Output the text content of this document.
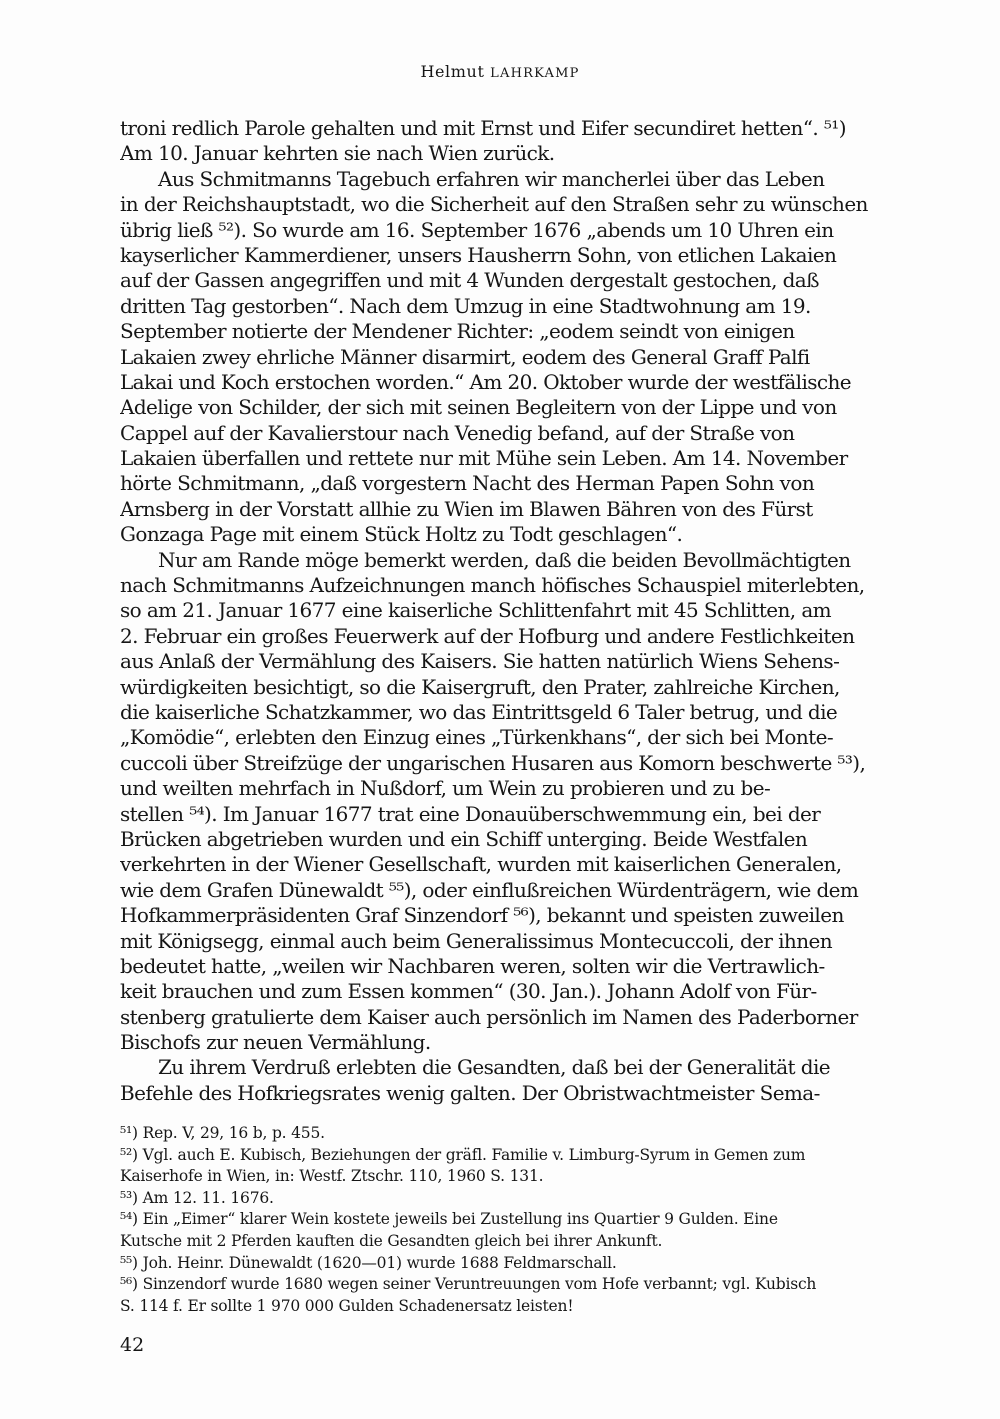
Helmut LAHRKAMP
troni redlich Parole gehalten und mit Ernst und Eifer secundiret hetten“. ⁵¹)
Am 10. Januar kehrten sie nach Wien zurück.
Aus Schmitmanns Tagebuch erfahren wir mancherlei über das Leben
in der Reichshauptstadt, wo die Sicherheit auf den Straßen sehr zu wünschen
übrig ließ ⁵²). So wurde am 16. September 1676 „abends um 10 Uhren ein
kayserlicher Kammerdiener, unsers Hausherrn Sohn, von etlichen Lakaien
auf der Gassen angegriffen und mit 4 Wunden dergestalt gestochen, daß
dritten Tag gestorben“. Nach dem Umzug in eine Stadtwohnung am 19.
September notierte der Mendener Richter: „eodem seindt von einigen
Lakaien zwey ehrliche Männer disarmirt, eodem des General Graff Palfi
Lakai und Koch erstochen worden.“ Am 20. Oktober wurde der westfälische
Adelige von Schilder, der sich mit seinen Begleitern von der Lippe und von
Cappel auf der Kavalierstour nach Venedig befand, auf der Straße von
Lakaien überfallen und rettete nur mit Mühe sein Leben. Am 14. November
hörte Schmitmann, „daß vorgestern Nacht des Herman Papen Sohn von
Arnsberg in der Vorstatt allhie zu Wien im Blawen Bähren von des Fürst
Gonzaga Page mit einem Stück Holtz zu Todt geschlagen“.
Nur am Rande möge bemerkt werden, daß die beiden Bevollmächtigten
nach Schmitmanns Aufzeichnungen manch höfisches Schauspiel miterlebten,
so am 21. Januar 1677 eine kaiserliche Schlittenfahrt mit 45 Schlitten, am
2. Februar ein großes Feuerwerk auf der Hofburg und andere Festlichkeiten
aus Anlaß der Vermählung des Kaisers. Sie hatten natürlich Wiens Sehens-
würdigkeiten besichtigt, so die Kaisergruft, den Prater, zahlreiche Kirchen,
die kaiserliche Schatzkammer, wo das Eintrittsgeld 6 Taler betrug, und die
„Komödie“, erlebten den Einzug eines „Türkenkhans“, der sich bei Monte-
cuccoli über Streifzüge der ungarischen Husaren aus Komorn beschwerte ⁵³),
und weilten mehrfach in Nußdorf, um Wein zu probieren und zu be-
stellen ⁵⁴). Im Januar 1677 trat eine Donauüberschwemmung ein, bei der
Brücken abgetrieben wurden und ein Schiff unterging. Beide Westfalen
verkehrten in der Wiener Gesellschaft, wurden mit kaiserlichen Generalen,
wie dem Grafen Dünewaldt ⁵⁵), oder einflußreichen Würdenträgern, wie dem
Hofkammerpräsidenten Graf Sinzendorf ⁵⁶), bekannt und speisten zuweilen
mit Königsegg, einmal auch beim Generalissimus Montecuccoli, der ihnen
bedeutet hatte, „weilen wir Nachbaren weren, solten wir die Vertrawlich-
keit brauchen und zum Essen kommen“ (30. Jan.). Johann Adolf von Für-
stenberg gratulierte dem Kaiser auch persönlich im Namen des Paderborner
Bischofs zur neuen Vermählung.
Zu ihrem Verdruß erlebten die Gesandten, daß bei der Generalität die
Befehle des Hofkriegsrates wenig galten. Der Obristwachtmeister Sema-
⁵¹) Rep. V, 29, 16 b, p. 455.
⁵²) Vgl. auch E. Kubisch, Beziehungen der gräfl. Familie v. Limburg-Syrum in Gemen zum
Kaiserhofe in Wien, in: Westf. Ztschr. 110, 1960 S. 131.
⁵³) Am 12. 11. 1676.
⁵⁴) Ein „Eimer“ klarer Wein kostete jeweils bei Zustellung ins Quartier 9 Gulden. Eine
Kutsche mit 2 Pferden kauften die Gesandten gleich bei ihrer Ankunft.
⁵⁵) Joh. Heinr. Dünewaldt (1620—01) wurde 1688 Feldmarschall.
⁵⁶) Sinzendorf wurde 1680 wegen seiner Veruntreuungen vom Hofe verbannt; vgl. Kubisch
S. 114 f. Er sollte 1 970 000 Gulden Schadenersatz leisten!
42
